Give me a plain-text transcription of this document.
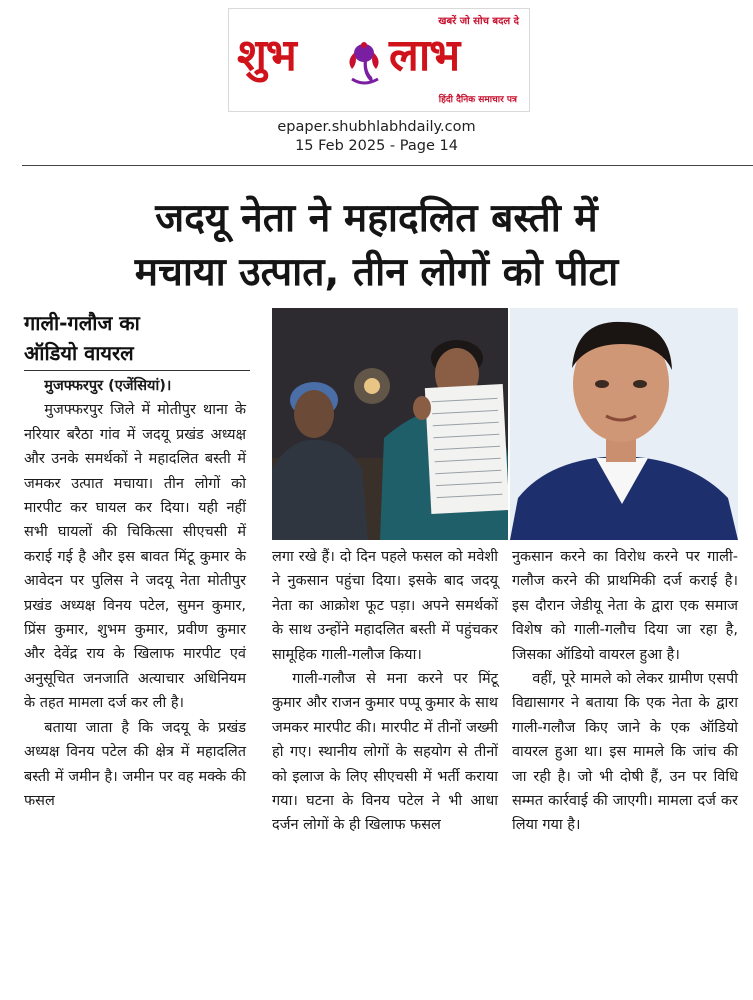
खबरें जो सोच बदल दे
शुभ लाभ
हिंदी दैनिक समाचार पत्र
epaper.shubhlabhdaily.com
15 Feb 2025 - Page 14
जदयू नेता ने महादलित बस्ती में
मचाया उत्पात, तीन लोगों को पीटा
गाली-गलौज का
ऑडियो वायरल

मुजफ्फरपुर (एजेंसियां)।

मुजफ्फरपुर जिले में मोतीपुर थाना के नरियार बरैठा गांव में जदयू प्रखंड अध्यक्ष और उनके समर्थकों ने महादलित बस्ती में जमकर उत्पात मचाया। तीन लोगों को मारपीट कर घायल कर दिया। यही नहीं सभी घायलों की चिकित्सा सीएचसी में कराई गई है और इस बावत मिंटू कुमार के आवेदन पर पुलिस ने जदयू नेता मोतीपुर प्रखंड अध्यक्ष विनय पटेल, सुमन कुमार, प्रिंस कुमार, शुभम कुमार, प्रवीण कुमार और देवेंद्र राय के खिलाफ मारपीट एवं अनुसूचित जनजाति अत्याचार अधिनियम के तहत मामला दर्ज कर ली है।

बताया जाता है कि जदयू के प्रखंड अध्यक्ष विनय पटेल की क्षेत्र में महादलित बस्ती में जमीन है। जमीन पर वह मक्के की फसल

लगा रखे हैं। दो दिन पहले फसल को मवेशी ने नुकसान पहुंचा दिया। इसके बाद जदयू नेता का आक्रोश फूट पड़ा। अपने समर्थकों के साथ उन्होंने महादलित बस्ती में पहुंचकर सामूहिक गाली-गलौज किया।

गाली-गलौज से मना करने पर मिंटू कुमार और राजन कुमार पप्पू कुमार के साथ जमकर मारपीट की। मारपीट में तीनों जख्मी हो गए। स्थानीय लोगों के सहयोग से तीनों को इलाज के लिए सीएचसी में भर्ती कराया गया। घटना के विनय पटेल ने भी आधा दर्जन लोगों के ही खिलाफ फसल

नुकसान करने का विरोध करने पर गाली-गलौज करने की प्राथमिकी दर्ज कराई है। इस दौरान जेडीयू नेता के द्वारा एक समाज विशेष को गाली-गलौच दिया जा रहा है, जिसका ऑडियो वायरल हुआ है।

वहीं, पूरे मामले को लेकर ग्रामीण एसपी विद्यासागर ने बताया कि एक नेता के द्वारा गाली-गलौज किए जाने के एक ऑडियो वायरल हुआ था। इस मामले कि जांच की जा रही है। जो भी दोषी हैं, उन पर विधि सम्मत कार्रवाई की जाएगी। मामला दर्ज कर लिया गया है।
